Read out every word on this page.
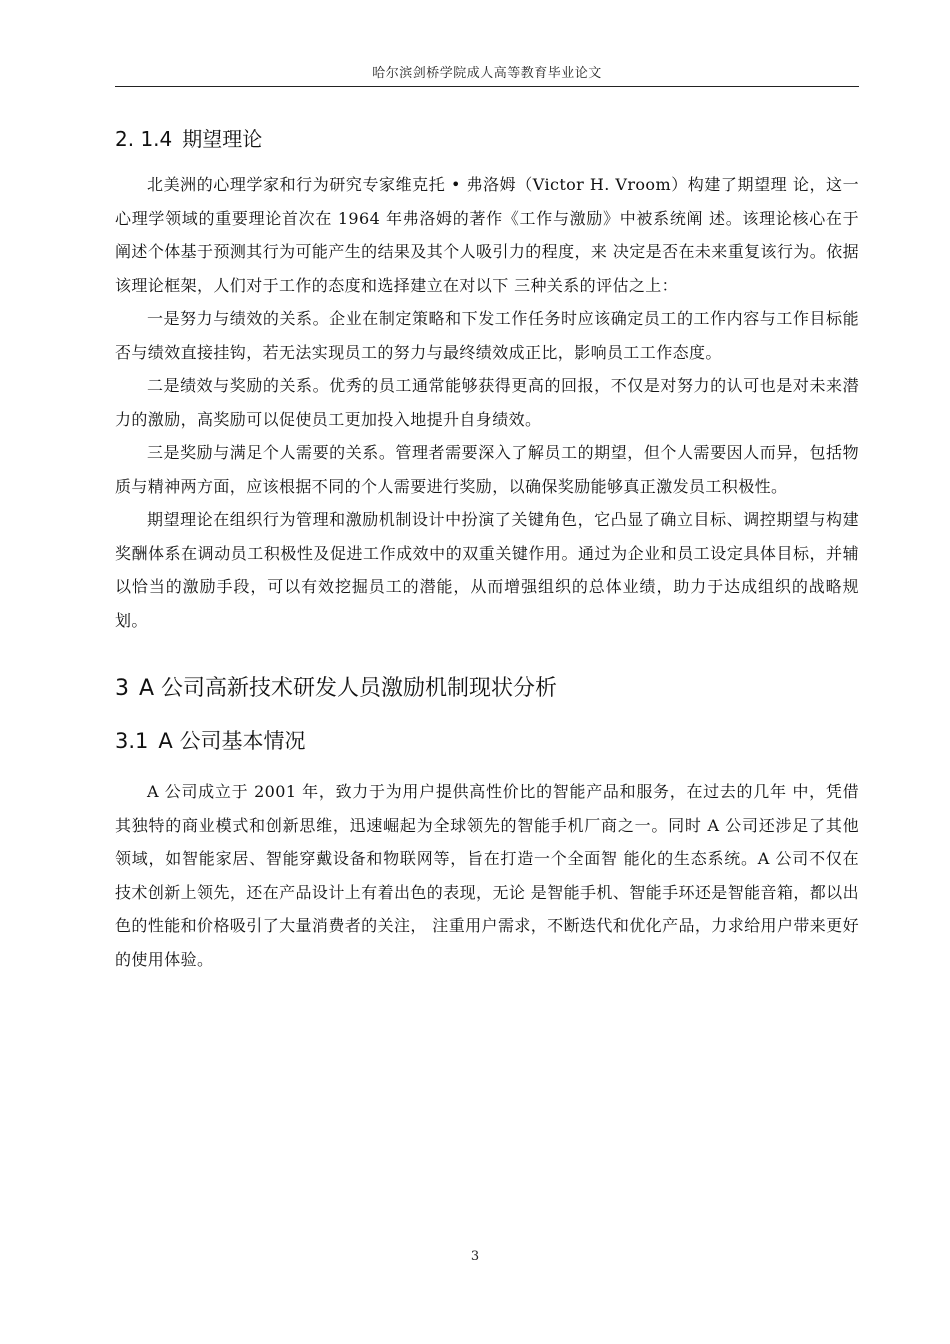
哈尔滨剑桥学院成人高等教育毕业论文
2. 1.4 期望理论

北美洲的心理学家和行为研究专家维克托 • 弗洛姆（Victor H. Vroom）构建了期望理 论，这一心理学领域的重要理论首次在 1964 年弗洛姆的著作《工作与激励》中被系统阐 述。该理论核心在于阐述个体基于预测其行为可能产生的结果及其个人吸引力的程度，来 决定是否在未来重复该行为。依据该理论框架，人们对于工作的态度和选择建立在对以下 三种关系的评估之上：

一是努力与绩效的关系。企业在制定策略和下发工作任务时应该确定员工的工作内容与工作目标能否与绩效直接挂钩，若无法实现员工的努力与最终绩效成正比，影响员工工作态度。

二是绩效与奖励的关系。优秀的员工通常能够获得更高的回报，不仅是对努力的认可也是对未来潜力的激励，高奖励可以促使员工更加投入地提升自身绩效。

三是奖励与满足个人需要的关系。管理者需要深入了解员工的期望，但个人需要因人而异，包括物质与精神两方面，应该根据不同的个人需要进行奖励，以确保奖励能够真正激发员工积极性。

期望理论在组织行为管理和激励机制设计中扮演了关键角色，它凸显了确立目标、调控期望与构建奖酬体系在调动员工积极性及促进工作成效中的双重关键作用。通过为企业和员工设定具体目标，并辅以恰当的激励手段，可以有效挖掘员工的潜能，从而增强组织的总体业绩，助力于达成组织的战略规划。

3 A 公司高新技术研发人员激励机制现状分析
3.1 A 公司基本情况

A 公司成立于 2001 年，致力于为用户提供高性价比的智能产品和服务，在过去的几年 中，凭借其独特的商业模式和创新思维，迅速崛起为全球领先的智能手机厂商之一。同时 A 公司还涉足了其他领域，如智能家居、智能穿戴设备和物联网等，旨在打造一个全面智 能化的生态系统。A 公司不仅在技术创新上领先，还在产品设计上有着出色的表现，无论 是智能手机、智能手环还是智能音箱，都以出色的性能和价格吸引了大量消费者的关注， 注重用户需求，不断迭代和优化产品，力求给用户带来更好的使用体验。

3
